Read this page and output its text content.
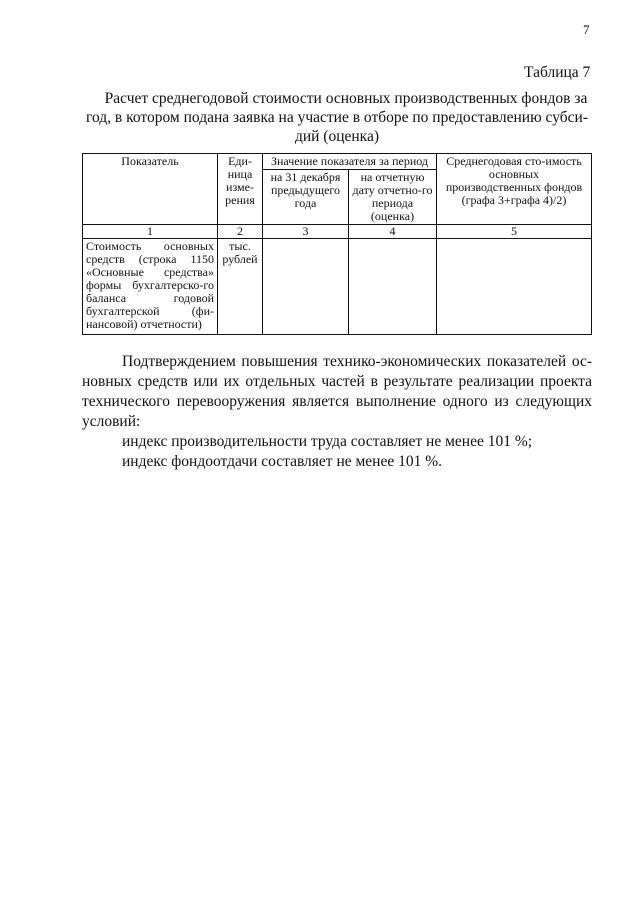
7
Таблица 7
Расчет среднегодовой стоимости основных производственных фондов за
год, в котором подана заявка на участие в отборе по предоставлению субси-
дий (оценка)
Показатель	Еди-ница изме-рения	Значение показателя за период		Среднегодовая сто-имость основных производственных фондов (графа 3+графа 4)/2)
		на 31 декабря предыдущего года	на отчетную дату отчетно-го периода (оценка)	
1	2	3	4	5
Стоимость основных средств (строка 1150 «Основные средства» формы бухгалтерско-го баланса годовой бухгалтерской (фи-нансовой) отчетности)	тыс. рублей			

Подтверждением повышения технико-экономических показателей ос-новных средств или их отдельных частей в результате реализации проекта технического перевооружения является выполнение одного из следующих условий:

индекс производительности труда составляет не менее 101 %;

индекс фондоотдачи составляет не менее 101 %.
